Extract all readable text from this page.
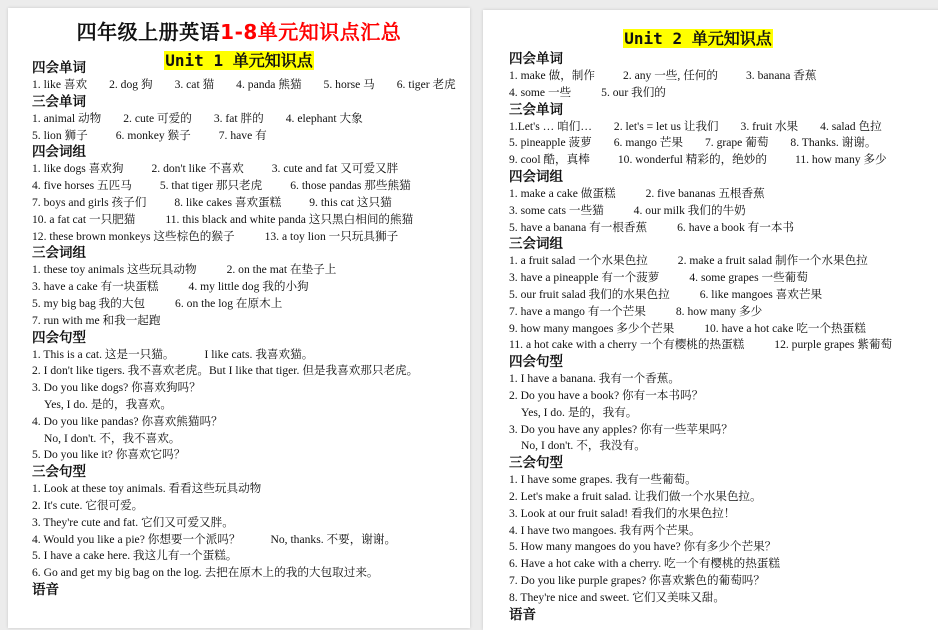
四年级上册英语1-8单元知识点汇总
Unit 1 单元知识点
四会单词
1. like 喜欢 2. dog 狗 3. cat 猫 4. panda 熊猫 5. horse 马 6. tiger 老虎
三会单词
1. animal 动物 2. cute 可爱的 3. fat 胖的 4. elephant 大象
5. lion 狮子 6. monkey 猴子 7. have 有
四会词组
1. like dogs 喜欢狗 2. don't like 不喜欢 3. cute and fat 又可爱又胖
4. five horses 五匹马 5. that tiger 那只老虎 6. those pandas 那些熊猫
7. boys and girls 孩子们 8. like cakes 喜欢蛋糕 9. this cat 这只猫
10. a fat cat 一只肥猫	11. this black and white panda 这只黑白相间的熊猫
12. these brown monkeys 这些棕色的猴子	13. a toy lion 一只玩具狮子
三会词组
1. these toy animals 这些玩具动物	2. on the mat 在垫子上
3. have a cake 有一块蛋糕	4. my little dog 我的小狗
5. my big bag 我的大包	6. on the log 在原木上
7. run with me 和我一起跑
四会句型
1. This is a cat. 这是一只猫。	I like cats. 我喜欢猫。
2. I don't like tigers. 我不喜欢老虎。But I like that tiger. 但是我喜欢那只老虎。
3. Do you like dogs? 你喜欢狗吗？
Yes, I do. 是的，我喜欢。
4. Do you like pandas? 你喜欢熊猫吗？
No, I don't. 不，我不喜欢。
5. Do you like it? 你喜欢它吗？
三会句型
1. Look at these toy animals. 看看这些玩具动物
2. It's cute. 它很可爱。
3. They're cute and fat. 它们又可爱又胖。
4. Would you like a pie? 你想要一个派吗？	No, thanks. 不要，谢谢。
5. I have a cake here. 我这儿有一个蛋糕。
6. Go and get my big bag on the log. 去把在原木上的我的大包取过来。
语音
Unit 2 单元知识点
四会单词
1. make 做，制作 2. any 一些, 任何的 3. banana 香蕉
4. some 一些	5. our 我们的
三会单词
1.Let's … 咱们… 2. let's = let us 让我们 3. fruit 水果 4. salad 色拉
5. pineapple 菠萝 6. mango 芒果 7. grape 葡萄 8. Thanks. 谢谢。
9. cool 酷，真棒 10. wonderful 精彩的，绝妙的 11. how many 多少
四会词组
1. make a cake 做蛋糕	2. five bananas 五根香蕉
3. some cats 一些猫	4. our milk 我们的牛奶
5. have a banana 有一根香蕉	6. have a book 有一本书
三会词组
1. a fruit salad 一个水果色拉	2. make a fruit salad 制作一个水果色拉
3. have a pineapple 有一个菠萝	4. some grapes 一些葡萄
5. our fruit salad 我们的水果色拉	6. like mangoes 喜欢芒果
7. have a mango 有一个芒果	8. how many 多少
9. how many mangoes 多少个芒果	10. have a hot cake 吃一个热蛋糕
11. a hot cake with a cherry 一个有樱桃的热蛋糕	12. purple grapes 紫葡萄
四会句型
1. I have a banana. 我有一个香蕉。
2. Do you have a book? 你有一本书吗？
Yes, I do. 是的，我有。
3. Do you have any apples? 你有一些苹果吗？
No, I don't. 不，我没有。
三会句型
1. I have some grapes. 我有一些葡萄。
2. Let's make a fruit salad. 让我们做一个水果色拉。
3. Look at our fruit salad! 看我们的水果色拉！
4. I have two mangoes. 我有两个芒果。
5. How many mangoes do you have? 你有多少个芒果？
6. Have a hot cake with a cherry. 吃一个有樱桃的热蛋糕
7. Do you like purple grapes? 你喜欢紫色的葡萄吗？
8. They're nice and sweet. 它们又美味又甜。
语音
